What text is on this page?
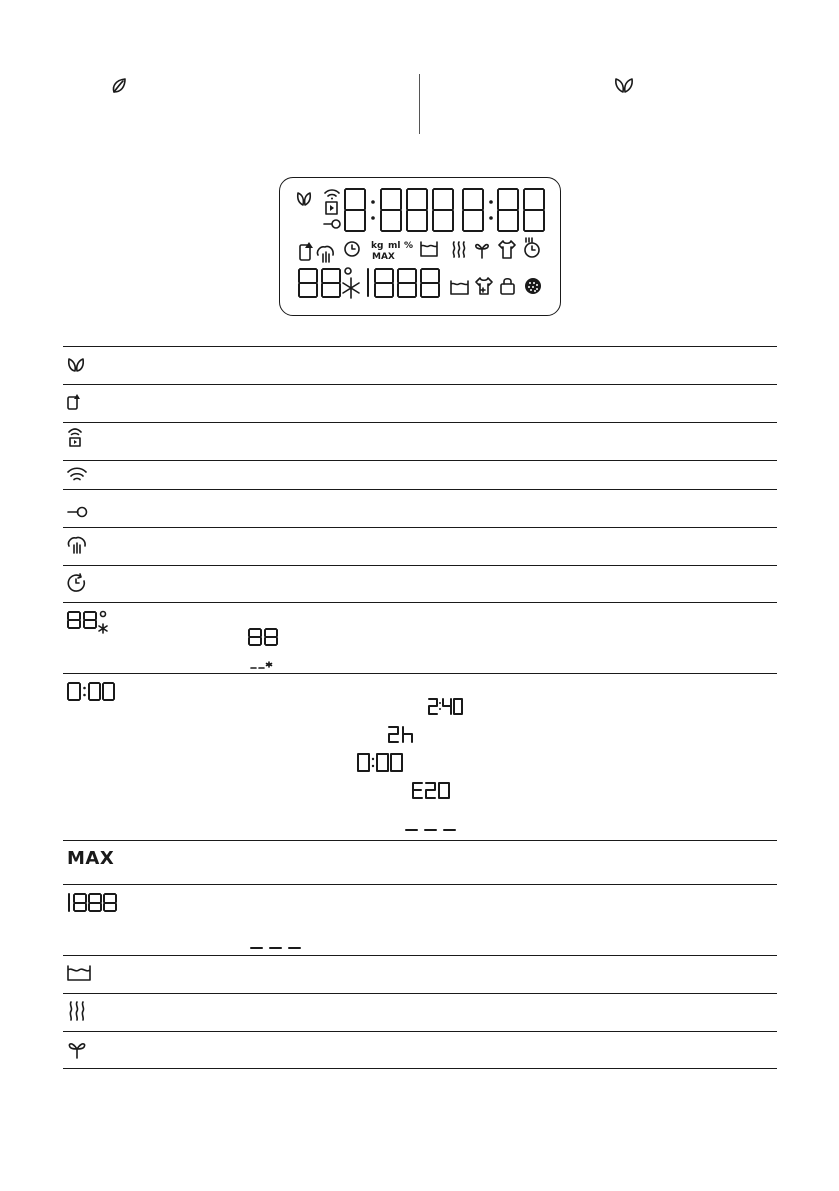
kg ml %
MAX
MAX
